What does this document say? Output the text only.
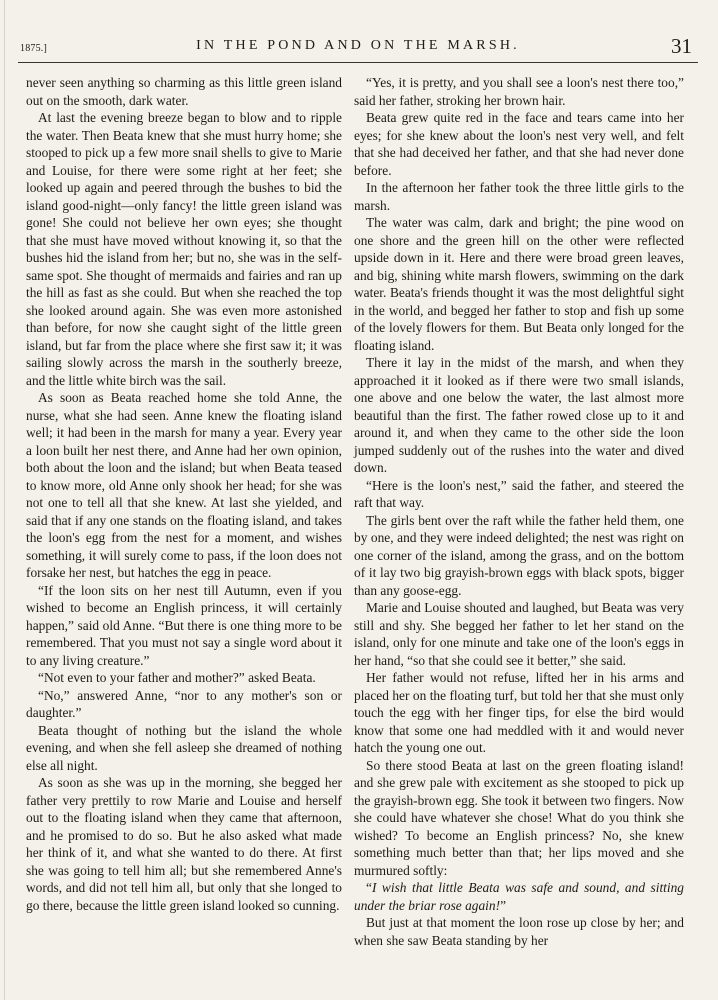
1875.]	IN THE POND AND ON THE MARSH.	31

never seen anything so charming as this little green island out on the smooth, dark water.

At last the evening breeze began to blow and to ripple the water. Then Beata knew that she must hurry home; she stooped to pick up a few more snail shells to give to Marie and Louise, for there were some right at her feet; she looked up again and peered through the bushes to bid the island good-night—only fancy! the little green island was gone! She could not believe her own eyes; she thought that she must have moved without knowing it, so that the bushes hid the island from her; but no, she was in the self-same spot. She thought of mermaids and fairies and ran up the hill as fast as she could. But when she reached the top she looked around again. She was even more astonished than before, for now she caught sight of the little green island, but far from the place where she first saw it; it was sailing slowly across the marsh in the southerly breeze, and the little white birch was the sail.

As soon as Beata reached home she told Anne, the nurse, what she had seen. Anne knew the floating island well; it had been in the marsh for many a year. Every year a loon built her nest there, and Anne had her own opinion, both about the loon and the island; but when Beata teased to know more, old Anne only shook her head; for she was not one to tell all that she knew. At last she yielded, and said that if any one stands on the floating island, and takes the loon's egg from the nest for a moment, and wishes something, it will surely come to pass, if the loon does not forsake her nest, but hatches the egg in peace.

“If the loon sits on her nest till Autumn, even if you wished to become an English princess, it will certainly happen,” said old Anne. “But there is one thing more to be remembered. That you must not say a single word about it to any living creature.”

“Not even to your father and mother?” asked Beata.

“No,” answered Anne, “nor to any mother's son or daughter.”

Beata thought of nothing but the island the whole evening, and when she fell asleep she dreamed of nothing else all night.

As soon as she was up in the morning, she begged her father very prettily to row Marie and Louise and herself out to the floating island when they came that afternoon, and he promised to do so. But he also asked what made her think of it, and what she wanted to do there. At first she was going to tell him all; but she remembered Anne's words, and did not tell him all, but only that she longed to go there, because the little green island looked so cunning.

“Yes, it is pretty, and you shall see a loon's nest there too,” said her father, stroking her brown hair.

Beata grew quite red in the face and tears came into her eyes; for she knew about the loon's nest very well, and felt that she had deceived her father, and that she had never done before.

In the afternoon her father took the three little girls to the marsh.

The water was calm, dark and bright; the pine wood on one shore and the green hill on the other were reflected upside down in it. Here and there were broad green leaves, and big, shining white marsh flowers, swimming on the dark water. Beata's friends thought it was the most delightful sight in the world, and begged her father to stop and fish up some of the lovely flowers for them. But Beata only longed for the floating island.

There it lay in the midst of the marsh, and when they approached it it looked as if there were two small islands, one above and one below the water, the last almost more beautiful than the first. The father rowed close up to it and around it, and when they came to the other side the loon jumped suddenly out of the rushes into the water and dived down.

“Here is the loon's nest,” said the father, and steered the raft that way.

The girls bent over the raft while the father held them, one by one, and they were indeed delighted; the nest was right on one corner of the island, among the grass, and on the bottom of it lay two big grayish-brown eggs with black spots, bigger than any goose-egg.

Marie and Louise shouted and laughed, but Beata was very still and shy. She begged her father to let her stand on the island, only for one minute and take one of the loon's eggs in her hand, “so that she could see it better,” she said.

Her father would not refuse, lifted her in his arms and placed her on the floating turf, but told her that she must only touch the egg with her finger tips, for else the bird would know that some one had meddled with it and would never hatch the young one out.

So there stood Beata at last on the green floating island! and she grew pale with excitement as she stooped to pick up the grayish-brown egg. She took it between two fingers. Now she could have whatever she chose! What do you think she wished? To become an English princess? No, she knew something much better than that; her lips moved and she murmured softly:

“I wish that little Beata was safe and sound, and sitting under the briar rose again!”

But just at that moment the loon rose up close by her; and when she saw Beata standing by her
